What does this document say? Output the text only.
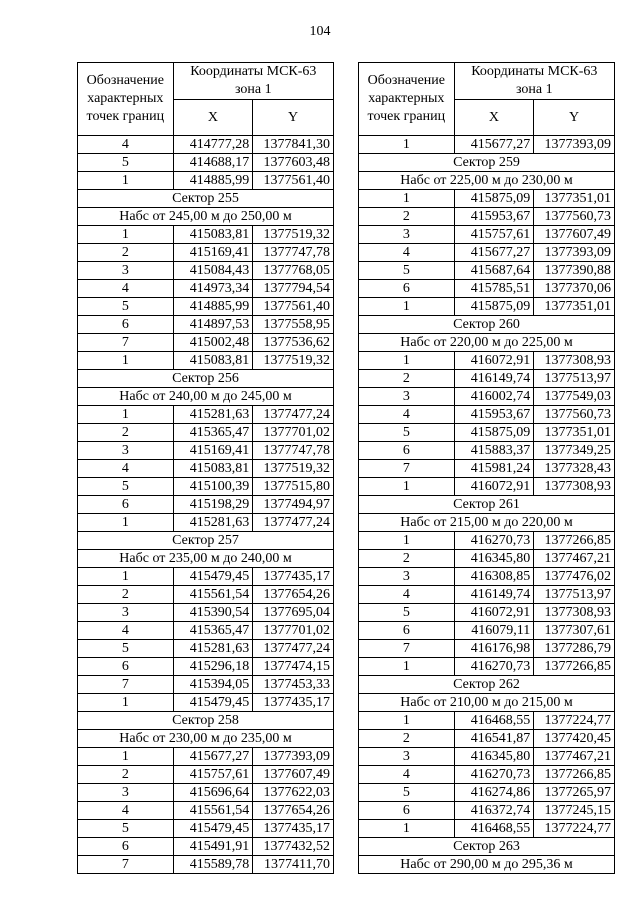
104
Обозначение характерных точек границ	Координаты МСК-63 зона 1	
	X	Y
4	414777,28	1377841,30
5	414688,17	1377603,48
1	414885,99	1377561,40
Сектор 255		
Набс от 245,00 м до 250,00 м		
1	415083,81	1377519,32
2	415169,41	1377747,78
3	415084,43	1377768,05
4	414973,34	1377794,54
5	414885,99	1377561,40
6	414897,53	1377558,95
7	415002,48	1377536,62
1	415083,81	1377519,32
Сектор 256		
Набс от 240,00 м до 245,00 м		
1	415281,63	1377477,24
2	415365,47	1377701,02
3	415169,41	1377747,78
4	415083,81	1377519,32
5	415100,39	1377515,80
6	415198,29	1377494,97
1	415281,63	1377477,24
Сектор 257		
Набс от 235,00 м до 240,00 м		
1	415479,45	1377435,17
2	415561,54	1377654,26
3	415390,54	1377695,04
4	415365,47	1377701,02
5	415281,63	1377477,24
6	415296,18	1377474,15
7	415394,05	1377453,33
1	415479,45	1377435,17
Сектор 258		
Набс от 230,00 м до 235,00 м		
1	415677,27	1377393,09
2	415757,61	1377607,49
3	415696,64	1377622,03
4	415561,54	1377654,26
5	415479,45	1377435,17
6	415491,91	1377432,52
7	415589,78	1377411,70
Обозначение характерных точек границ	Координаты МСК-63 зона 1	
	X	Y
1	415677,27	1377393,09
Сектор 259		
Набс от 225,00 м до 230,00 м		
1	415875,09	1377351,01
2	415953,67	1377560,73
3	415757,61	1377607,49
4	415677,27	1377393,09
5	415687,64	1377390,88
6	415785,51	1377370,06
1	415875,09	1377351,01
Сектор 260		
Набс от 220,00 м до 225,00 м		
1	416072,91	1377308,93
2	416149,74	1377513,97
3	416002,74	1377549,03
4	415953,67	1377560,73
5	415875,09	1377351,01
6	415883,37	1377349,25
7	415981,24	1377328,43
1	416072,91	1377308,93
Сектор 261		
Набс от 215,00 м до 220,00 м		
1	416270,73	1377266,85
2	416345,80	1377467,21
3	416308,85	1377476,02
4	416149,74	1377513,97
5	416072,91	1377308,93
6	416079,11	1377307,61
7	416176,98	1377286,79
1	416270,73	1377266,85
Сектор 262		
Набс от 210,00 м до 215,00 м		
1	416468,55	1377224,77
2	416541,87	1377420,45
3	416345,80	1377467,21
4	416270,73	1377266,85
5	416274,86	1377265,97
6	416372,74	1377245,15
1	416468,55	1377224,77
Сектор 263		
Набс от 290,00 м до 295,36 м		
